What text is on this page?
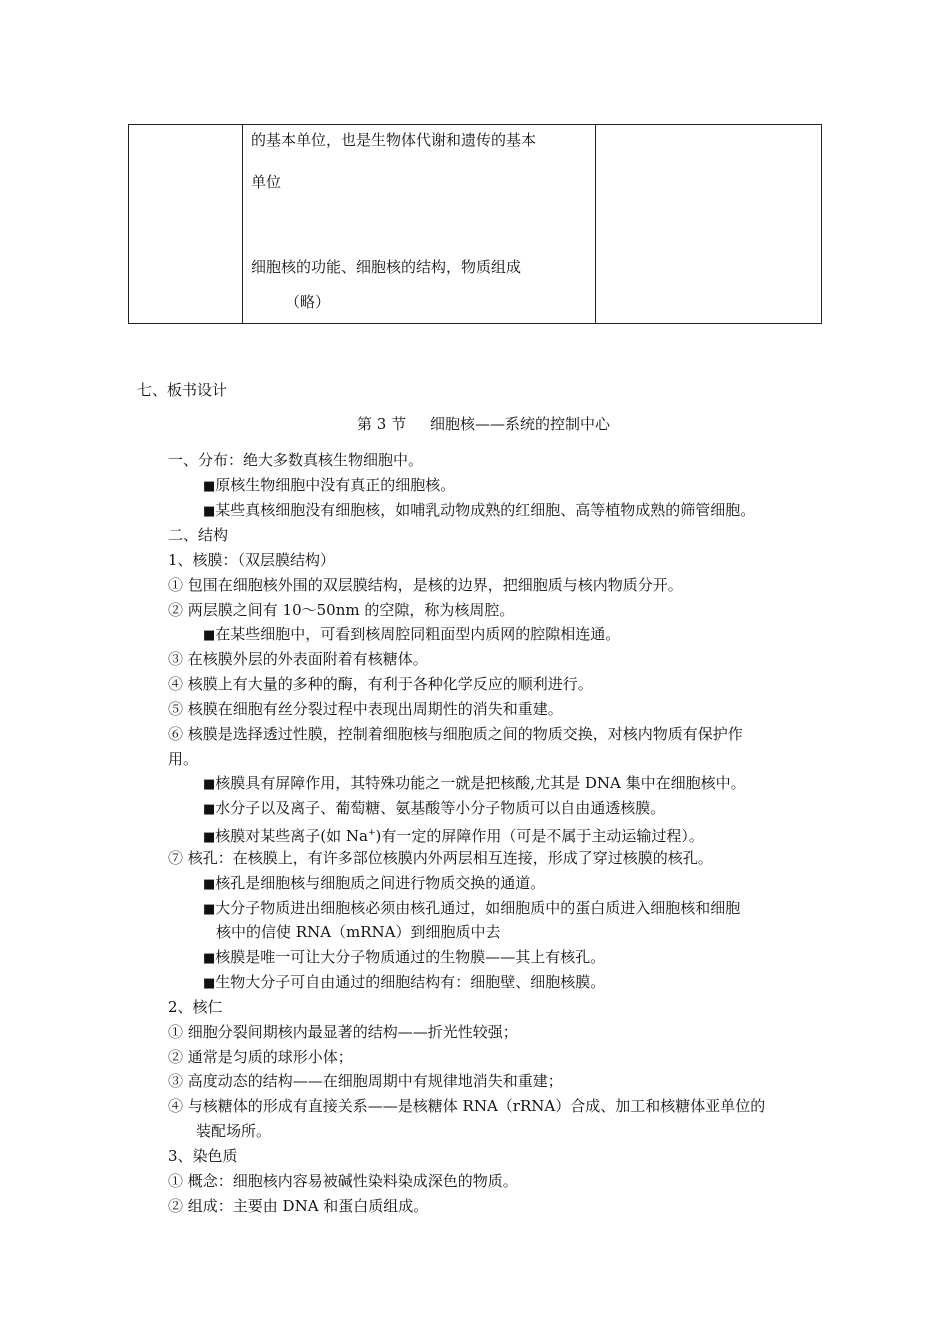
的基本单位，也是生物体代谢和遗传的基本
单位
细胞核的功能、细胞核的结构，物质组成
（略）
七、板书设计
第 3 节 细胞核——系统的控制中心
一、分布：绝大多数真核生物细胞中。
■原核生物细胞中没有真正的细胞核。
■某些真核细胞没有细胞核，如哺乳动物成熟的红细胞、高等植物成熟的筛管细胞。
二、结构
1、核膜：（双层膜结构）
① 包围在细胞核外围的双层膜结构，是核的边界，把细胞质与核内物质分开。
② 两层膜之间有 10～50nm 的空隙，称为核周腔。
■在某些细胞中，可看到核周腔同粗面型内质网的腔隙相连通。
③ 在核膜外层的外表面附着有核糖体。
④ 核膜上有大量的多种的酶，有利于各种化学反应的顺利进行。
⑤ 核膜在细胞有丝分裂过程中表现出周期性的消失和重建。
⑥ 核膜是选择透过性膜，控制着细胞核与细胞质之间的物质交换，对核内物质有保护作
用。
■核膜具有屏障作用，其特殊功能之一就是把核酸,尤其是 DNA 集中在细胞核中。
■水分子以及离子、葡萄糖、氨基酸等小分子物质可以自由通透核膜。
■核膜对某些离子(如 Na+)有一定的屏障作用（可是不属于主动运输过程）。
⑦ 核孔：在核膜上，有许多部位核膜内外两层相互连接，形成了穿过核膜的核孔。
■核孔是细胞核与细胞质之间进行物质交换的通道。
■大分子物质进出细胞核必须由核孔通过，如细胞质中的蛋白质进入细胞核和细胞
核中的信使 RNA（mRNA）到细胞质中去
■核膜是唯一可让大分子物质通过的生物膜——其上有核孔。
■生物大分子可自由通过的细胞结构有：细胞壁、细胞核膜。
2、核仁
① 细胞分裂间期核内最显著的结构——折光性较强；
② 通常是匀质的球形小体；
③ 高度动态的结构——在细胞周期中有规律地消失和重建；
④ 与核糖体的形成有直接关系——是核糖体 RNA（rRNA）合成、加工和核糖体亚单位的
装配场所。
3、染色质
① 概念：细胞核内容易被碱性染料染成深色的物质。
② 组成：主要由 DNA 和蛋白质组成。
